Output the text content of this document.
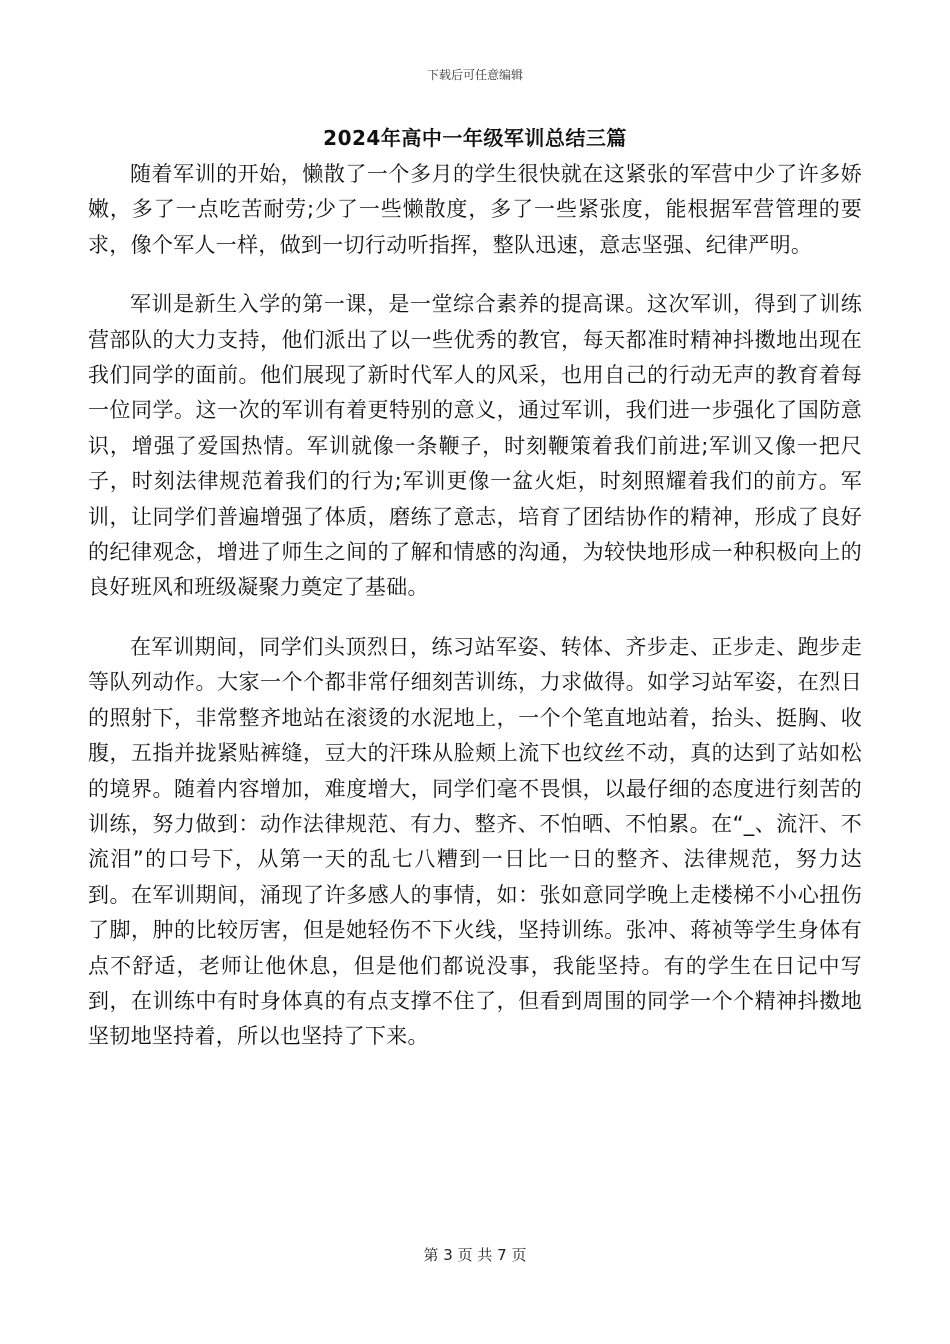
下载后可任意编辑
2024年高中一年级军训总结三篇

随着军训的开始，懒散了一个多月的学生很快就在这紧张的军营中少了许多娇嫩，多了一点吃苦耐劳;少了一些懒散度，多了一些紧张度，能根据军营管理的要求，像个军人一样，做到一切行动听指挥，整队迅速，意志坚强、纪律严明。

军训是新生入学的第一课，是一堂综合素养的提高课。这次军训，得到了训练营部队的大力支持，他们派出了以一些优秀的教官，每天都准时精神抖擞地出现在我们同学的面前。他们展现了新时代军人的风采，也用自己的行动无声的教育着每一位同学。这一次的军训有着更特别的意义，通过军训，我们进一步强化了国防意识，增强了爱国热情。军训就像一条鞭子，时刻鞭策着我们前进;军训又像一把尺子，时刻法律规范着我们的行为;军训更像一盆火炬，时刻照耀着我们的前方。军训，让同学们普遍增强了体质，磨练了意志，培育了团结协作的精神，形成了良好的纪律观念，增进了师生之间的了解和情感的沟通，为较快地形成一种积极向上的良好班风和班级凝聚力奠定了基础。

在军训期间，同学们头顶烈日，练习站军姿、转体、齐步走、正步走、跑步走等队列动作。大家一个个都非常仔细刻苦训练，力求做得。如学习站军姿，在烈日的照射下，非常整齐地站在滚烫的水泥地上，一个个笔直地站着，抬头、挺胸、收腹，五指并拢紧贴裤缝，豆大的汗珠从脸颊上流下也纹丝不动，真的达到了站如松的境界。随着内容增加，难度增大，同学们毫不畏惧，以最仔细的态度进行刻苦的训练，努力做到：动作法律规范、有力、整齐、不怕晒、不怕累。在“_、流汗、不流泪”的口号下，从第一天的乱七八糟到一日比一日的整齐、法律规范，努力达到。在军训期间，涌现了许多感人的事情，如：张如意同学晚上走楼梯不小心扭伤了脚，肿的比较厉害，但是她轻伤不下火线，坚持训练。张冲、蒋祯等学生身体有点不舒适，老师让他休息，但是他们都说没事，我能坚持。有的学生在日记中写到，在训练中有时身体真的有点支撑不住了，但看到周围的同学一个个精神抖擞地坚韧地坚持着，所以也坚持了下来。

第 3 页 共 7 页
